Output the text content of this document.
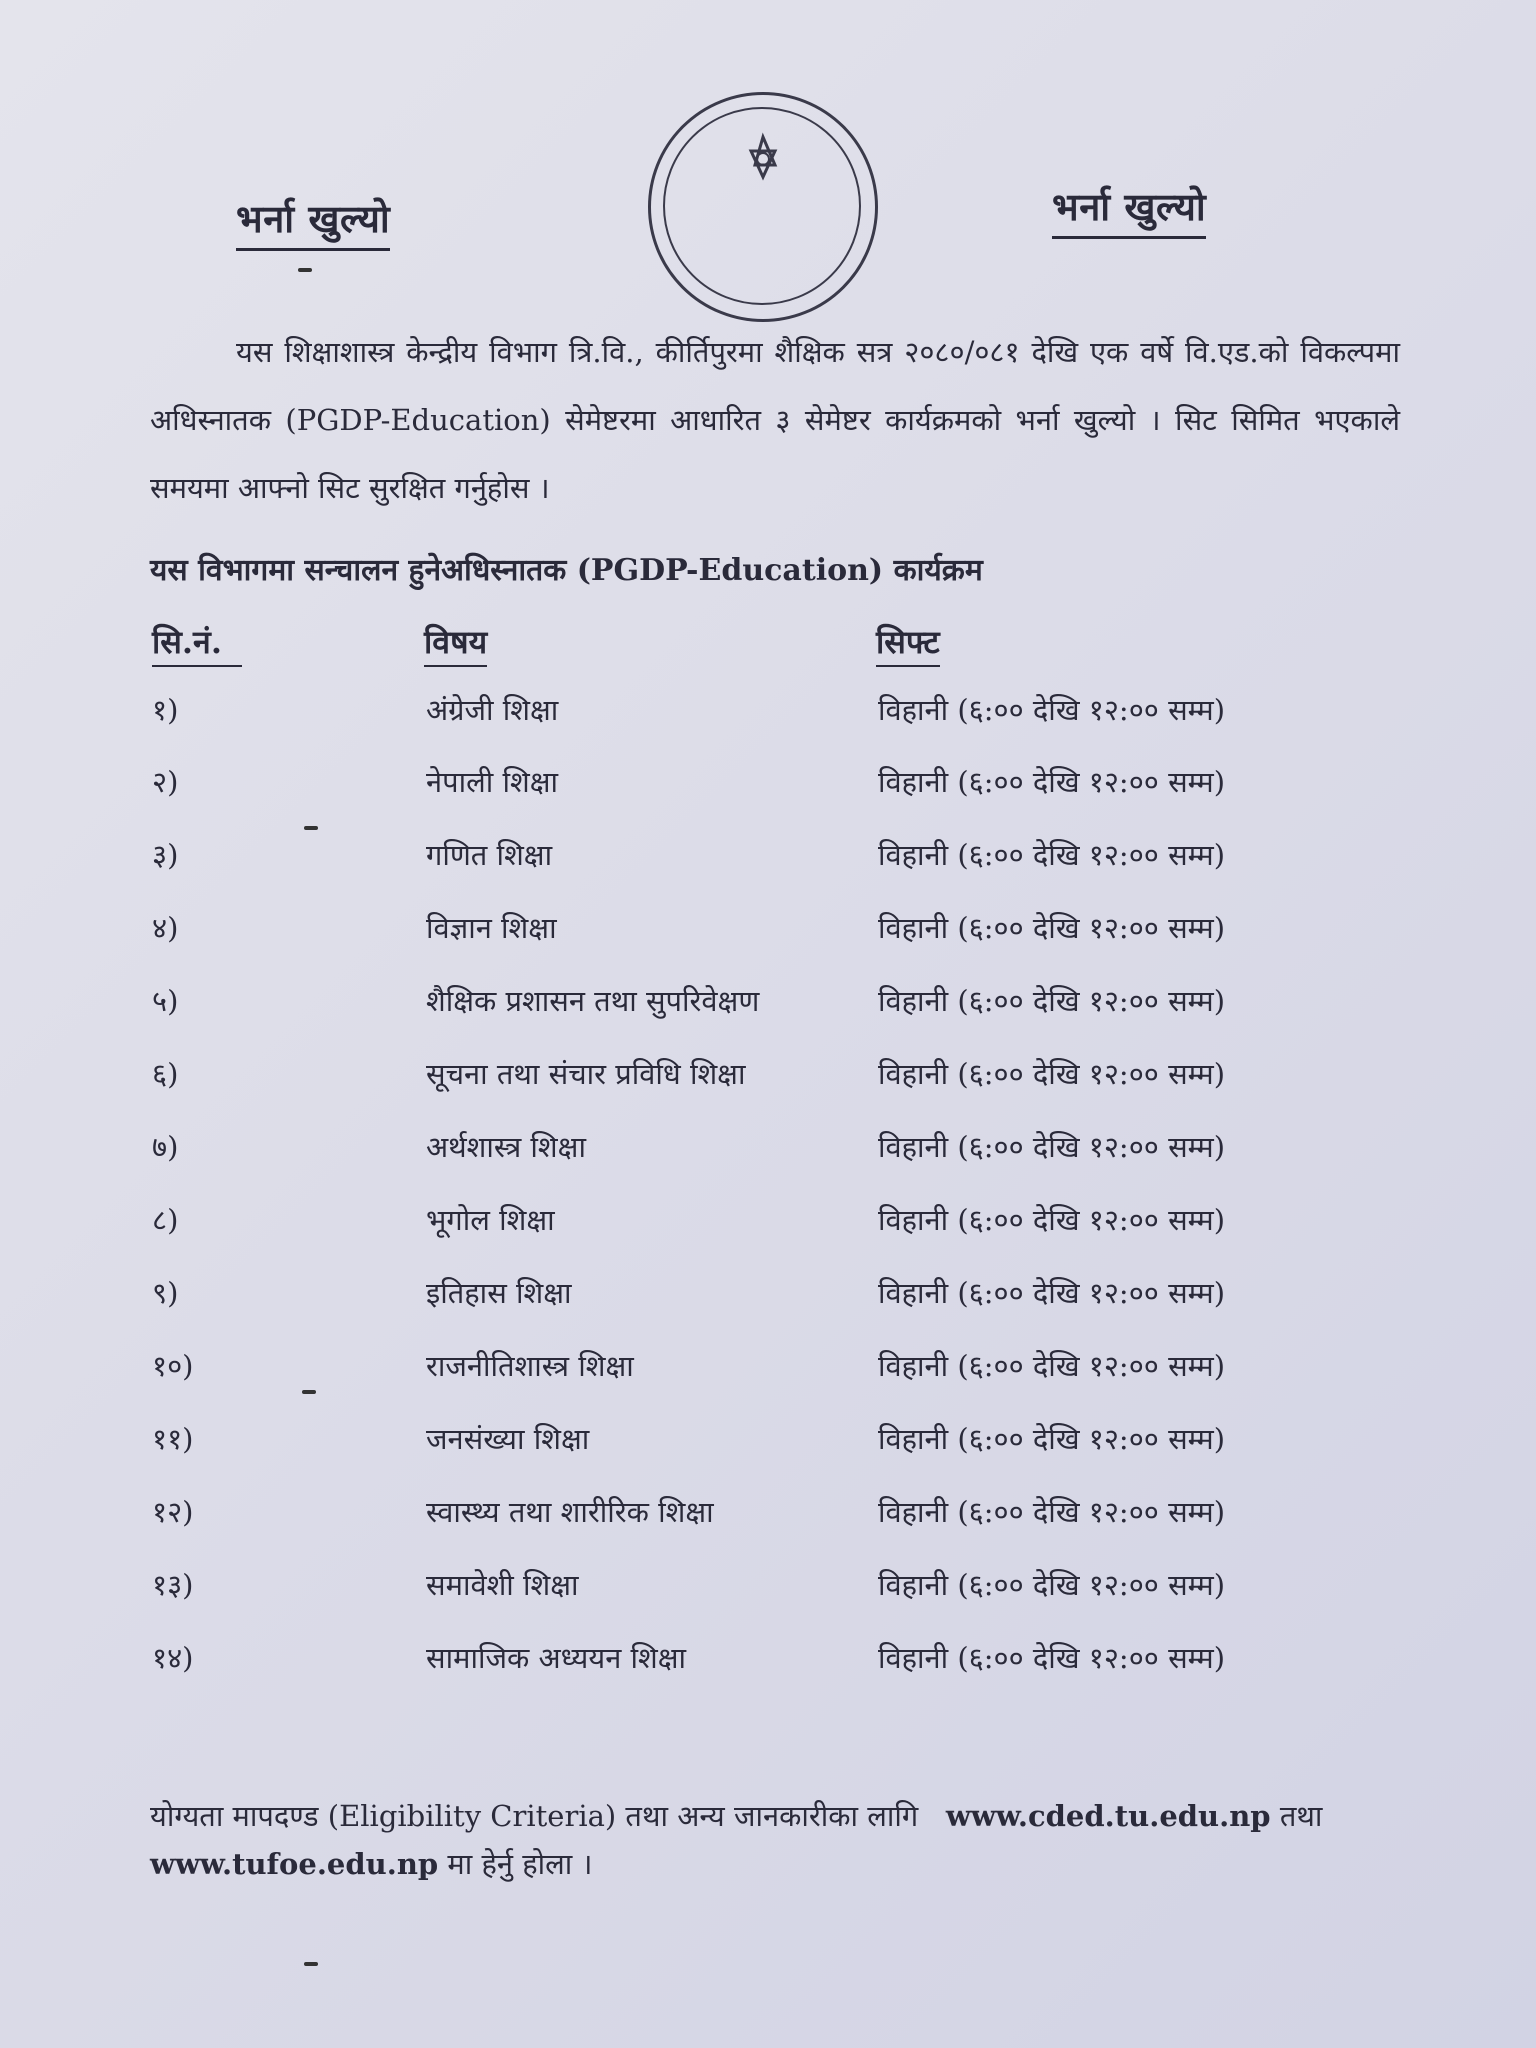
भर्ना खुल्यो	भर्ना खुल्यो

यस शिक्षाशास्त्र केन्द्रीय विभाग त्रि.वि., कीर्तिपुरमा शैक्षिक सत्र २०८०/०८१ देखि एक वर्षे वि.एड.को विकल्पमा अधिस्नातक (PGDP-Education) सेमेष्टरमा आधारित ३ सेमेष्टर कार्यक्रमको भर्ना खुल्यो । सिट सिमित भएकाले समयमा आफ्नो सिट सुरक्षित गर्नुहोस ।

यस विभागमा सन्चालन हुनेअधिस्नातक (PGDP-Education) कार्यक्रम
सि.नं.	विषय	सिफ्ट
१)	अंग्रेजी शिक्षा	विहानी (६:०० देखि १२:०० सम्म)
२)	नेपाली शिक्षा	विहानी (६:०० देखि १२:०० सम्म)
३)	गणित शिक्षा	विहानी (६:०० देखि १२:०० सम्म)
४)	विज्ञान शिक्षा	विहानी (६:०० देखि १२:०० सम्म)
५)	शैक्षिक प्रशासन तथा सुपरिवेक्षण	विहानी (६:०० देखि १२:०० सम्म)
६)	सूचना तथा संचार प्रविधि शिक्षा	विहानी (६:०० देखि १२:०० सम्म)
७)	अर्थशास्त्र शिक्षा	विहानी (६:०० देखि १२:०० सम्म)
८)	भूगोल शिक्षा	विहानी (६:०० देखि १२:०० सम्म)
९)	इतिहास शिक्षा	विहानी (६:०० देखि १२:०० सम्म)
१०)	राजनीतिशास्त्र शिक्षा	विहानी (६:०० देखि १२:०० सम्म)
११)	जनसंख्या शिक्षा	विहानी (६:०० देखि १२:०० सम्म)
१२)	स्वास्थ्य तथा शारीरिक शिक्षा	विहानी (६:०० देखि १२:०० सम्म)
१३)	समावेशी शिक्षा	विहानी (६:०० देखि १२:०० सम्म)
१४)	सामाजिक अध्ययन शिक्षा	विहानी (६:०० देखि १२:०० सम्म)
योग्यता मापदण्ड (Eligibility Criteria) तथा अन्य जानकारीका लागि www.cded.tu.edu.np तथा
www.tufoe.edu.np मा हेर्नु होला ।
